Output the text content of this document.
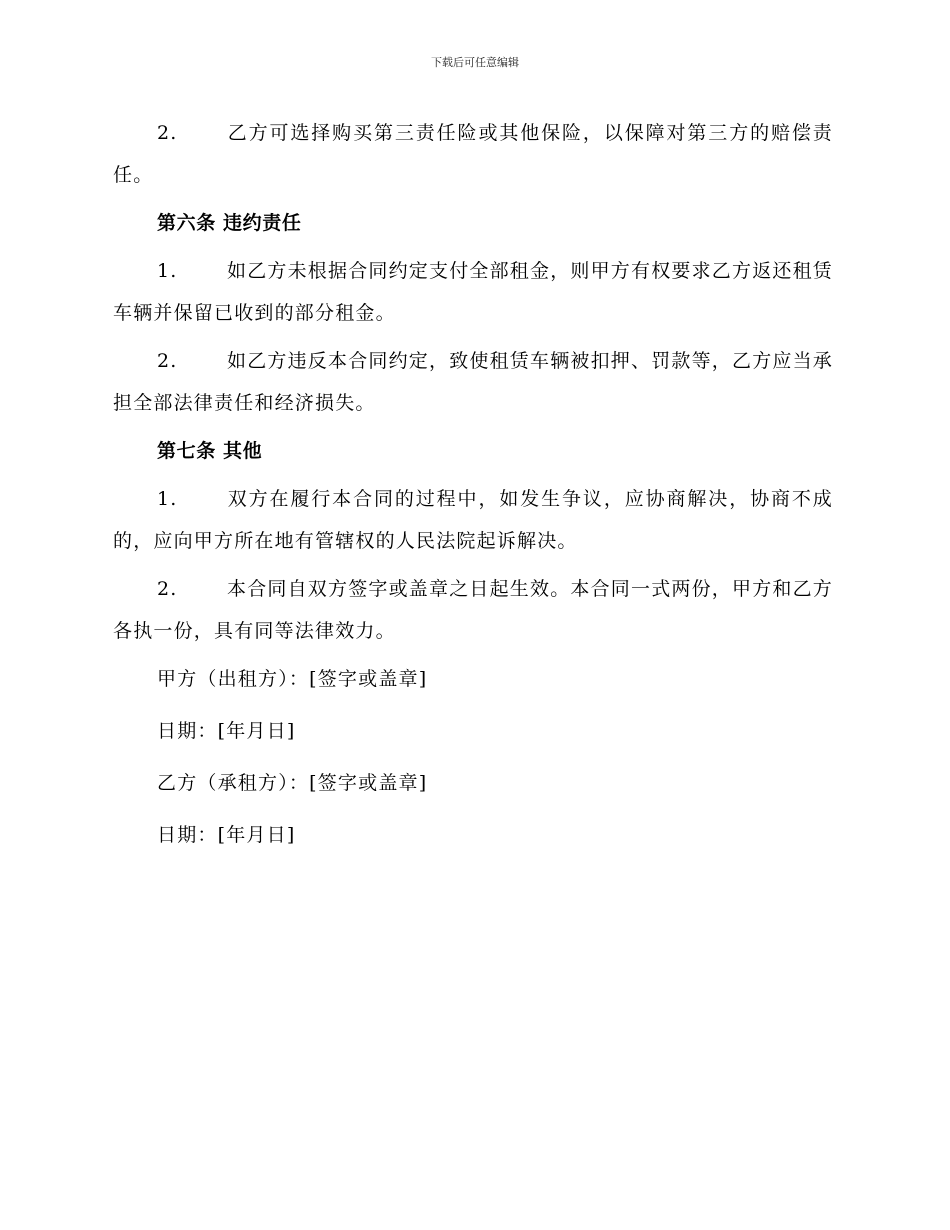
下载后可任意编辑

2.	乙方可选择购买第三责任险或其他保险，以保障对第三方的赔偿责任。

第六条 违约责任

1.	如乙方未根据合同约定支付全部租金，则甲方有权要求乙方返还租赁车辆并保留已收到的部分租金。

2.	如乙方违反本合同约定，致使租赁车辆被扣押、罚款等，乙方应当承担全部法律责任和经济损失。

第七条 其他

1.	双方在履行本合同的过程中，如发生争议，应协商解决，协商不成的，应向甲方所在地有管辖权的人民法院起诉解决。

2.	本合同自双方签字或盖章之日起生效。本合同一式两份，甲方和乙方各执一份，具有同等法律效力。

甲方（出租方）：[签字或盖章]
日期：[年月日]
乙方（承租方）：[签字或盖章]
日期：[年月日]
